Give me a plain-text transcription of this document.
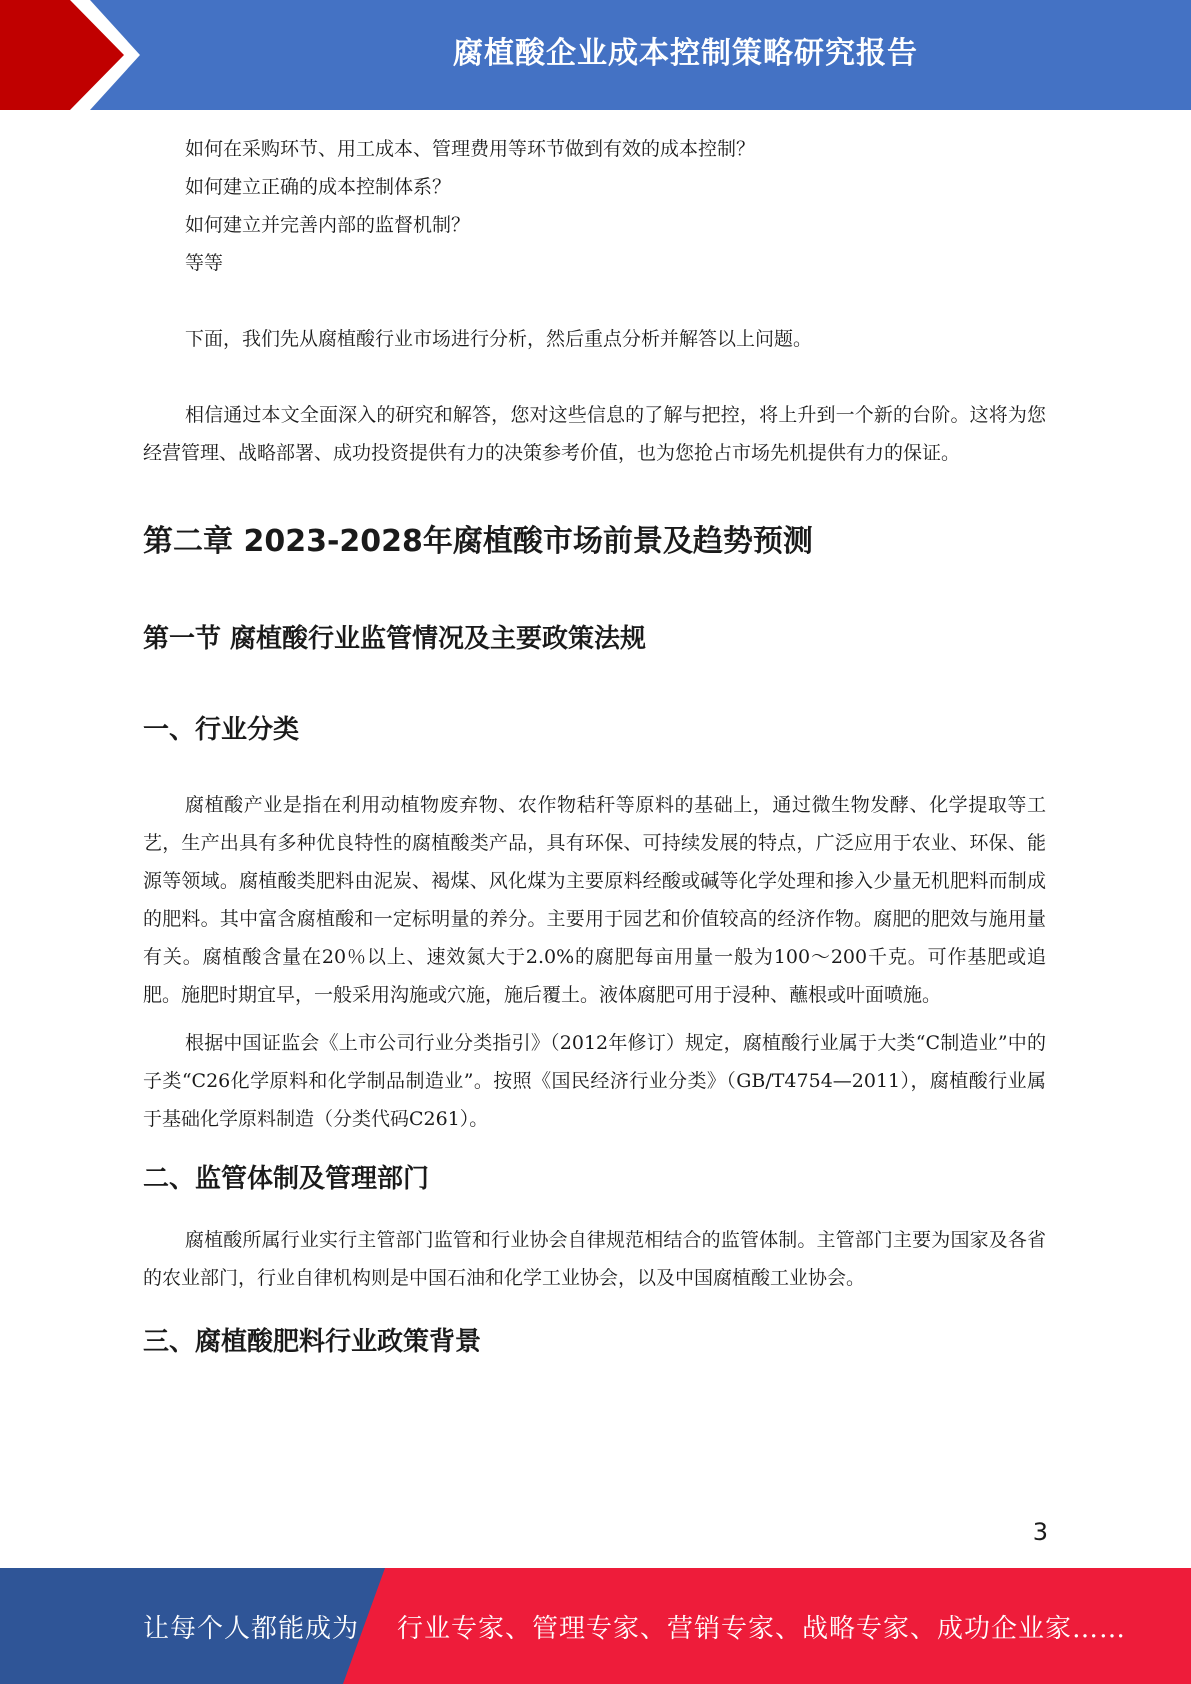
腐植酸企业成本控制策略研究报告

如何在采购环节、用工成本、管理费用等环节做到有效的成本控制？

如何建立正确的成本控制体系？

如何建立并完善内部的监督机制？

等等

下面，我们先从腐植酸行业市场进行分析，然后重点分析并解答以上问题。

相信通过本文全面深入的研究和解答，您对这些信息的了解与把控，将上升到一个新的台阶。这将为您经营管理、战略部署、成功投资提供有力的决策参考价值，也为您抢占市场先机提供有力的保证。

第二章 2023-2028年腐植酸市场前景及趋势预测
第一节 腐植酸行业监管情况及主要政策法规
一、行业分类

腐植酸产业是指在利用动植物废弃物、农作物秸秆等原料的基础上，通过微生物发酵、化学提取等工艺，生产出具有多种优良特性的腐植酸类产品，具有环保、可持续发展的特点，广泛应用于农业、环保、能源等领域。腐植酸类肥料由泥炭、褐煤、风化煤为主要原料经酸或碱等化学处理和掺入少量无机肥料而制成的肥料。其中富含腐植酸和一定标明量的养分。主要用于园艺和价值较高的经济作物。腐肥的肥效与施用量有关。腐植酸含量在20％以上、速效氮大于2.0%的腐肥每亩用量一般为100～200千克。可作基肥或追肥。施肥时期宜早，一般采用沟施或穴施，施后覆土。液体腐肥可用于浸种、蘸根或叶面喷施。

根据中国证监会《上市公司行业分类指引》（2012年修订）规定，腐植酸行业属于大类“C制造业”中的子类“C26化学原料和化学制品制造业”。按照《国民经济行业分类》（GB/T4754—2011），腐植酸行业属于基础化学原料制造（分类代码C261）。

二、监管体制及管理部门

腐植酸所属行业实行主管部门监管和行业协会自律规范相结合的监管体制。主管部门主要为国家及各省的农业部门，行业自律机构则是中国石油和化学工业协会，以及中国腐植酸工业协会。

三、腐植酸肥料行业政策背景
3
让每个人都能成为 行业专家、管理专家、营销专家、战略专家、成功企业家……
